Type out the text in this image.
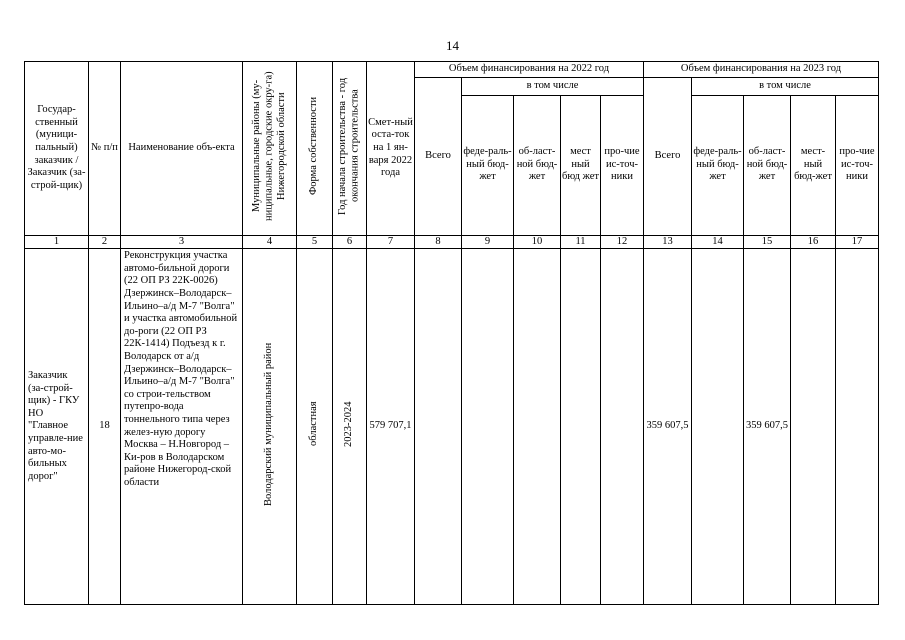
14
Государ-ственный (муници-пальный) заказчик / Заказчик (за-строй-щик)	№ п/п	Наименование объ-екта	Муниципальные районы (му-ниципальные, городские окру-га) Нижегородской области	Форма собственности	Год начала строительства - год окончания строительства	Смет-ный оста-ток на 1 ян-варя 2022 года	Объем финансирования на 2022 год					Объем финансирования на 2023 год				
							Всего	в том числе				Всего	в том числе			
								феде-раль-ный бюд-жет	об-ласт-ной бюд-жет	мест ный бюд жет	про-чие ис-точ-ники		феде-раль-ный бюд-жет	об-ласт-ной бюд-жет	мест-ный бюд-жет	про-чие ис-точ-ники
1	2	3	4	5	6	7	8	9	10	11	12	13	14	15	16	17
Заказчик (за-строй-щик) - ГКУ НО "Главное управле-ние авто-мо-бильных дорог"	18	Реконструкция участка автомо-бильной дороги (22 ОП РЗ 22К-0026) Дзержинск–Володарск–Ильино–а/д М-7 "Волга" и участка автомобильной до-роги (22 ОП РЗ 22К-1414) Подъезд к г. Володарск от а/д Дзержинск–Володарск–Ильино–а/д М-7 "Волга" со строи-тельством путепро-вода тоннельного типа через желез-ную дорогу Москва – Н.Новгород – Ки-ров в Володарском районе Нижегород-ской области	Володарский муниципальный район	областная	2023-2024	579 707,1						359 607,5		359 607,5		
